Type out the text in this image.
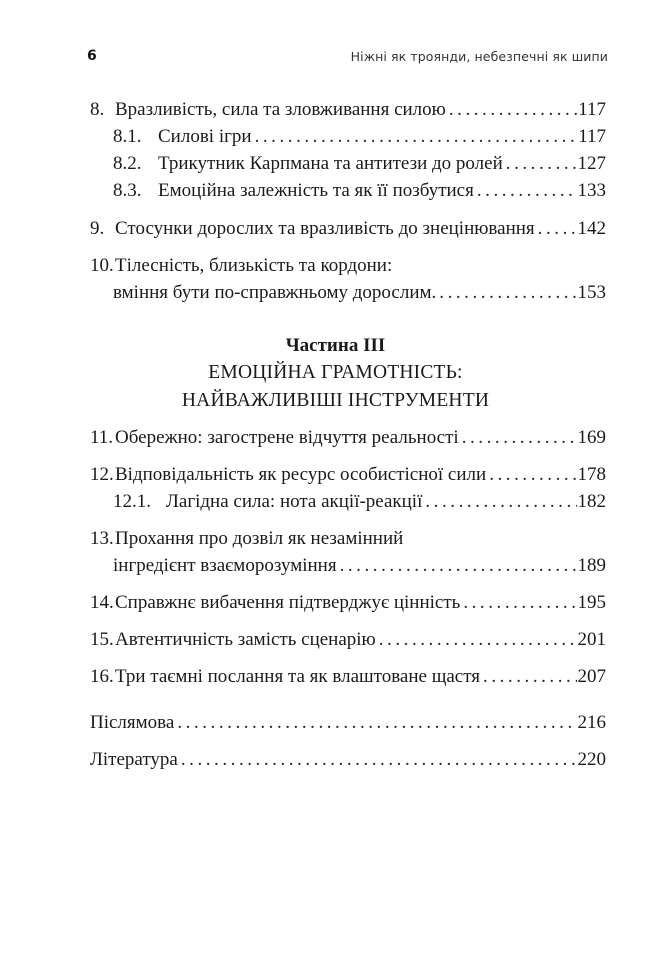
6	Ніжні як троянди, небезпечні як шипи
8. Вразливість, сила та зловживання силою . . .	117
8.1. Силові ігри . . .	117
8.2. Трикутник Карпмана та антитези до ролей . . .	127
8.3. Емоційна залежність та як її позбутися . . .	133
9. Стосунки дорослих та вразливість до знецінювання . . . 142
10. Тілесність, близькість та кордони:
вміння бути по-справжньому дорослим. . . .	153
Частина III
ЕМОЦІЙНА ГРАМОТНІСТЬ:
НАЙВАЖЛИВІШІ ІНСТРУМЕНТИ
11. Обережно: загострене відчуття реальності . . .	169
12. Відповідальність як ресурс особистісної сили . . .	178
12.1. Лагідна сила: нота акції-реакції . . .	182
13. Прохання про дозвіл як незамінний
інгредієнт взаєморозуміння . . .	189
14. Справжнє вибачення підтверджує цінність . . .	195
15. Автентичність замість сценарію . . .	201
16. Три таємні послання та як влаштоване щастя . . .	207
Післямова . . .	216
Література . . .	220
